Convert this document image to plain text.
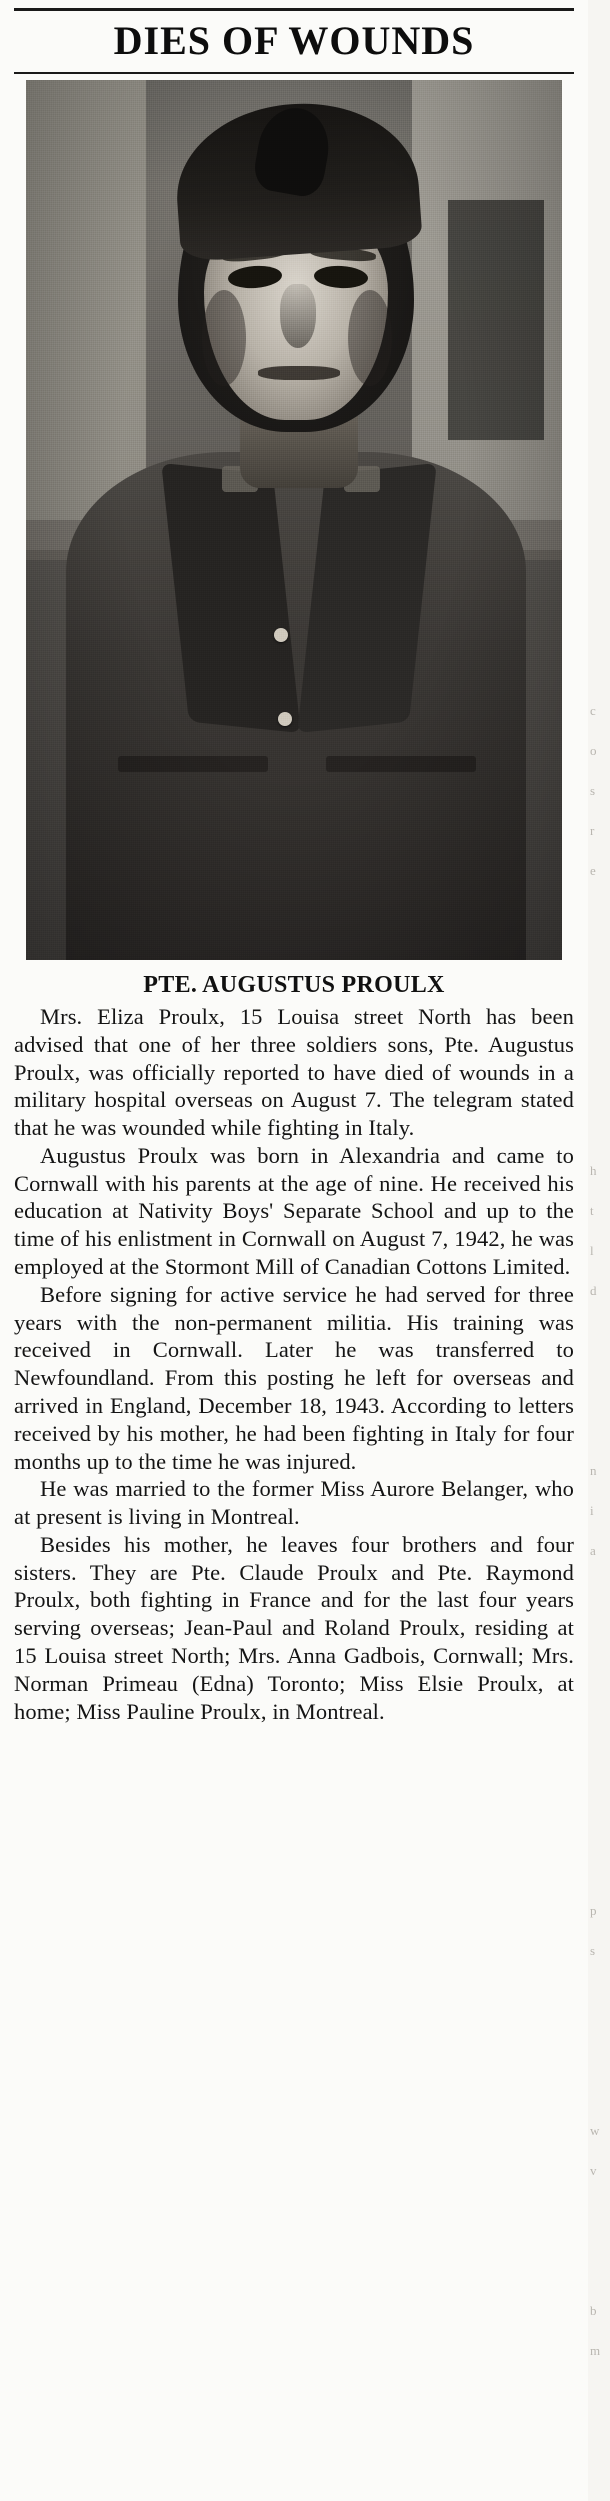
DIES OF WOUNDS
PTE. AUGUSTUS PROULX

Mrs. Eliza Proulx, 15 Louisa street North has been advised that one of her three soldiers sons, Pte. Augustus Proulx, was officially reported to have died of wounds in a military hospital overseas on August 7. The telegram stated that he was wounded while fighting in Italy.

Augustus Proulx was born in Alexandria and came to Cornwall with his parents at the age of nine. He received his education at Nativity Boys' Separate School and up to the time of his enlistment in Cornwall on August 7, 1942, he was employed at the Stormont Mill of Canadian Cottons Limited.

Before signing for active service he had served for three years with the non-permanent militia. His training was received in Cornwall. Later he was transferred to Newfoundland. From this posting he left for overseas and arrived in England, December 18, 1943. According to letters received by his mother, he had been fighting in Italy for four months up to the time he was injured.

He was married to the former Miss Aurore Belanger, who at present is living in Montreal.

Besides his mother, he leaves four brothers and four sisters. They are Pte. Claude Proulx and Pte. Raymond Proulx, both fighting in France and for the last four years serving overseas; Jean-Paul and Roland Proulx, residing at 15 Louisa street North; Mrs. Anna Gadbois, Cornwall; Mrs. Norman Primeau (Edna) Toronto; Miss Elsie Proulx, at home; Miss Pauline Proulx, in Montreal.

c
o
s
r
e
h
t
l
d
n
i
a
p
s
w
v
b
m
